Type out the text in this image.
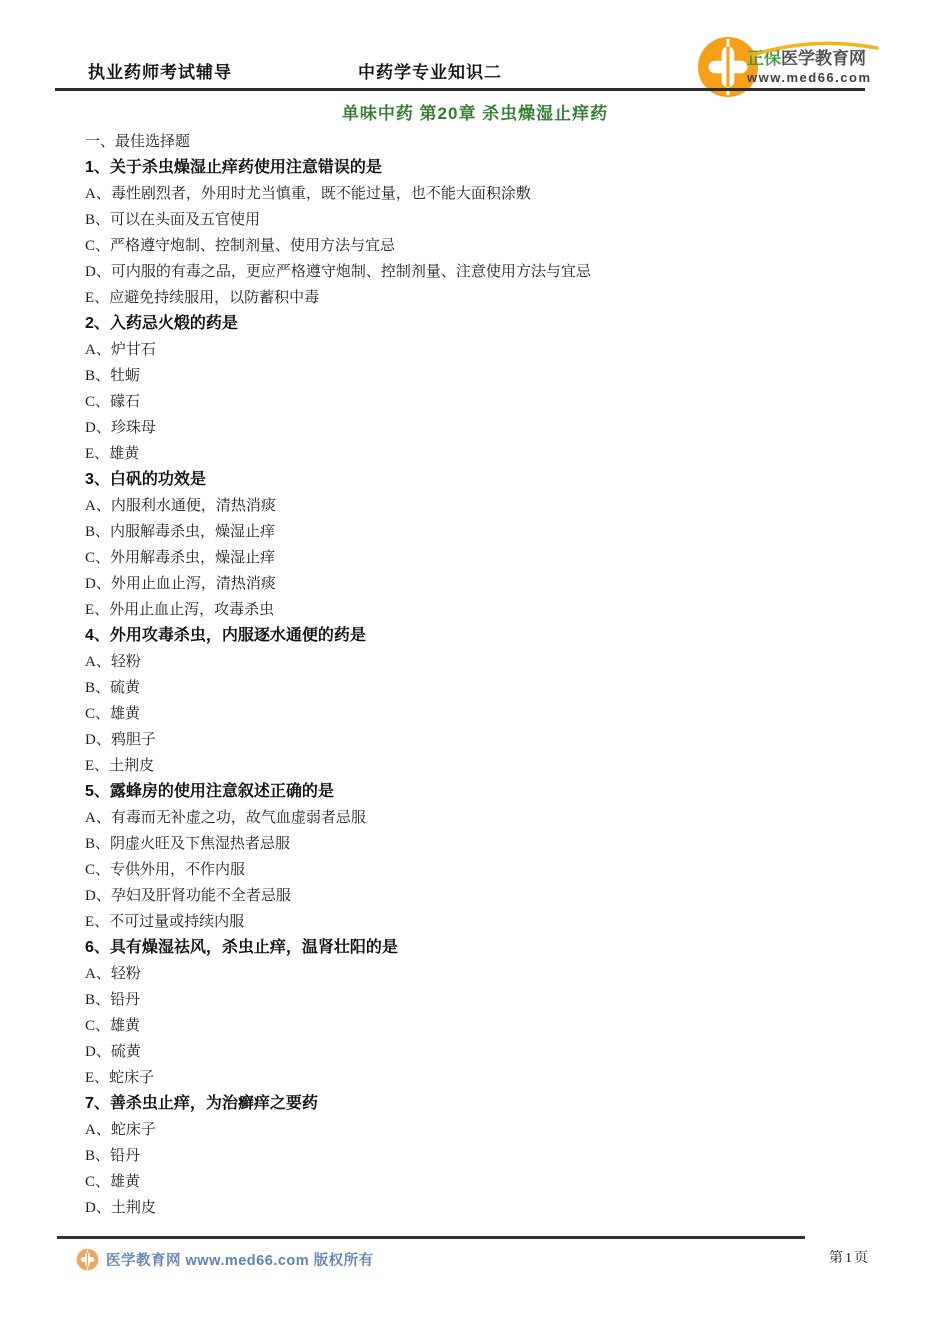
执业药师考试辅导	中药学专业知识二
正保医学教育网
www.med66.com
单味中药 第20章 杀虫燥湿止痒药
一、最佳选择题
1、关于杀虫燥湿止痒药使用注意错误的是
A、毒性剧烈者，外用时尤当慎重，既不能过量，也不能大面积涂敷
B、可以在头面及五官使用
C、严格遵守炮制、控制剂量、使用方法与宜忌
D、可内服的有毒之品，更应严格遵守炮制、控制剂量、注意使用方法与宜忌
E、应避免持续服用，以防蓄积中毒
2、入药忌火煅的药是
A、炉甘石
B、牡蛎
C、礞石
D、珍珠母
E、雄黄
3、白矾的功效是
A、内服利水通便，清热消痰
B、内服解毒杀虫，燥湿止痒
C、外用解毒杀虫，燥湿止痒
D、外用止血止泻，清热消痰
E、外用止血止泻，攻毒杀虫
4、外用攻毒杀虫，内服逐水通便的药是
A、轻粉
B、硫黄
C、雄黄
D、鸦胆子
E、土荆皮
5、露蜂房的使用注意叙述正确的是
A、有毒而无补虚之功，故气血虚弱者忌服
B、阴虚火旺及下焦湿热者忌服
C、专供外用，不作内服
D、孕妇及肝肾功能不全者忌服
E、不可过量或持续内服
6、具有燥湿祛风，杀虫止痒，温肾壮阳的是
A、轻粉
B、铅丹
C、雄黄
D、硫黄
E、蛇床子
7、善杀虫止痒，为治癣痒之要药
A、蛇床子
B、铅丹
C、雄黄
D、土荆皮
医学教育网 www.med66.com 版权所有	第1页
